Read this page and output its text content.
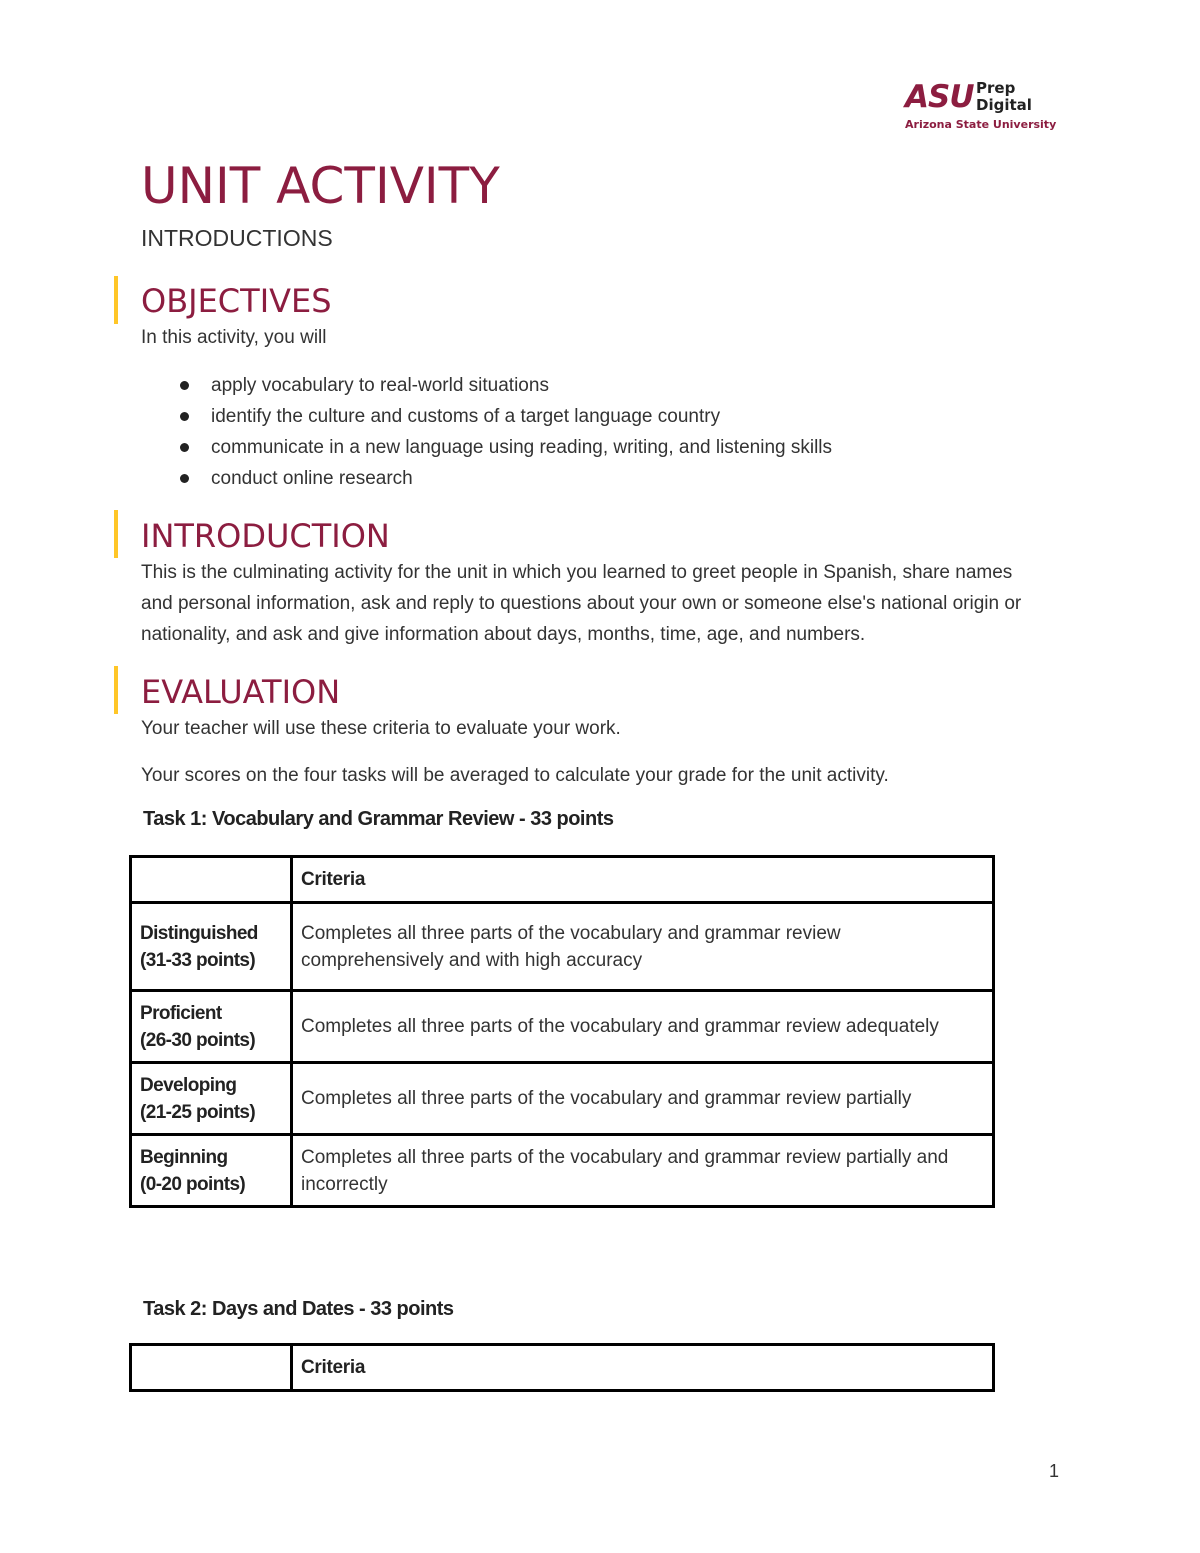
ASU Prep
Digital
Arizona State University
UNIT ACTIVITY
INTRODUCTIONS
OBJECTIVES

In this activity, you will

apply vocabulary to real-world situations
identify the culture and customs of a target language country
communicate in a new language using reading, writing, and listening skills
conduct online research
INTRODUCTION
This is the culminating activity for the unit in which you learned to greet people in Spanish, share names
and personal information, ask and reply to questions about your own or someone else's national origin or
nationality, and ask and give information about days, months, time, age, and numbers.
EVALUATION

Your teacher will use these criteria to evaluate your work.

Your scores on the four tasks will be averaged to calculate your grade for the unit activity.

Task 1: Vocabulary and Grammar Review - 33 points
	Criteria

Distinguished
(31-33 points)	Completes all three parts of the vocabulary and grammar review comprehensively and with high accuracy

Proficient
(26-30 points)	Completes all three parts of the vocabulary and grammar review adequately

Developing
(21-25 points)	Completes all three parts of the vocabulary and grammar review partially

Beginning
(0-20 points)	Completes all three parts of the vocabulary and grammar review partially and incorrectly
Task 2: Days and Dates - 33 points
	Criteria
1
